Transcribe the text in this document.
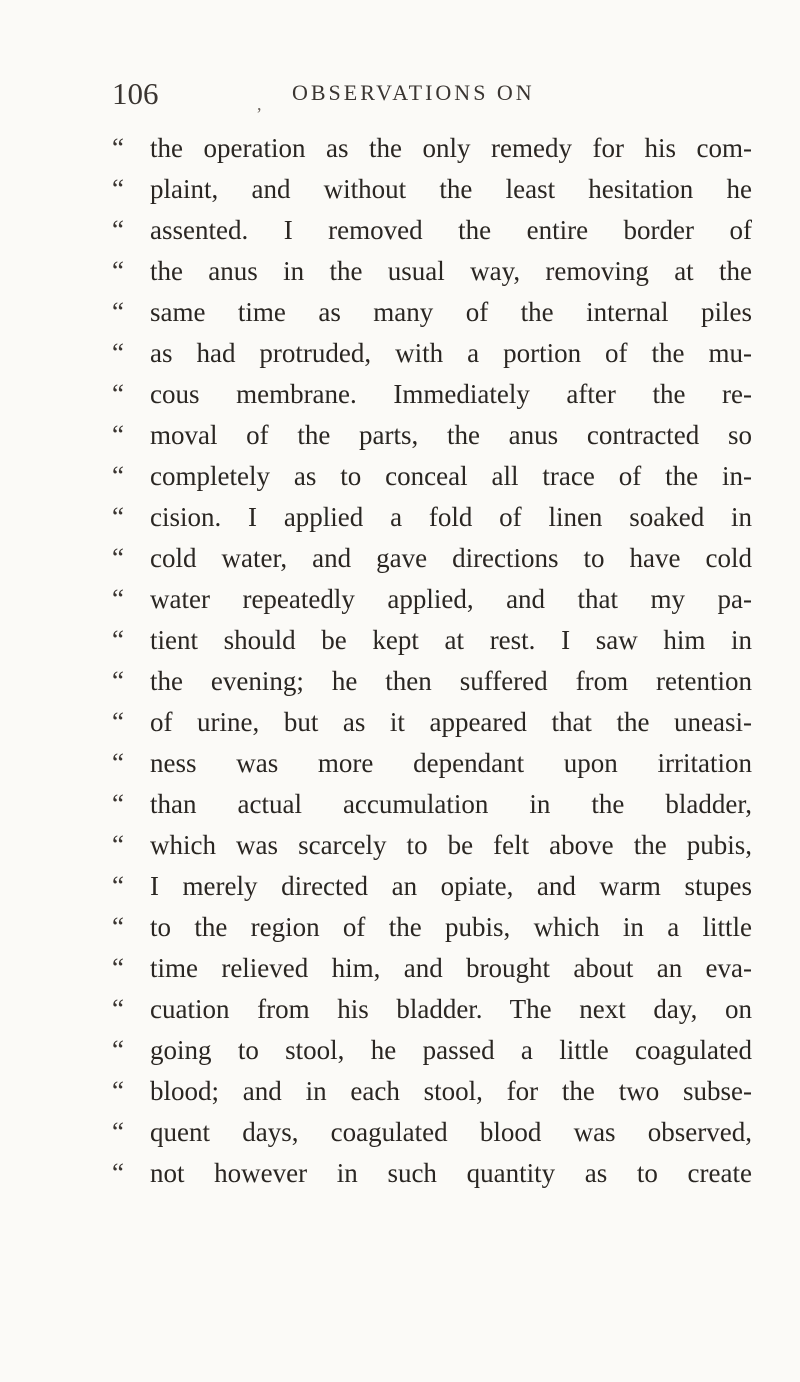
106	, OBSERVATIONS ON
“ the operation as the only remedy for his com-
“ plaint, and without the least hesitation he
“ assented. I removed the entire border of
“ the anus in the usual way, removing at the
“ same time as many of the internal piles
“ as had protruded, with a portion of the mu-
“ cous membrane. Immediately after the re-
“ moval of the parts, the anus contracted so
“ completely as to conceal all trace of the in-
“ cision. I applied a fold of linen soaked in
“ cold water, and gave directions to have cold
“ water repeatedly applied, and that my pa-
“ tient should be kept at rest. I saw him in
“ the evening; he then suffered from retention
“ of urine, but as it appeared that the uneasi-
“ ness was more dependant upon irritation
“ than actual accumulation in the bladder,
“ which was scarcely to be felt above the pubis,
“ I merely directed an opiate, and warm stupes
“ to the region of the pubis, which in a little
“ time relieved him, and brought about an eva-
“ cuation from his bladder. The next day, on
“ going to stool, he passed a little coagulated
“ blood; and in each stool, for the two subse-
“ quent days, coagulated blood was observed,
“ not however in such quantity as to create
